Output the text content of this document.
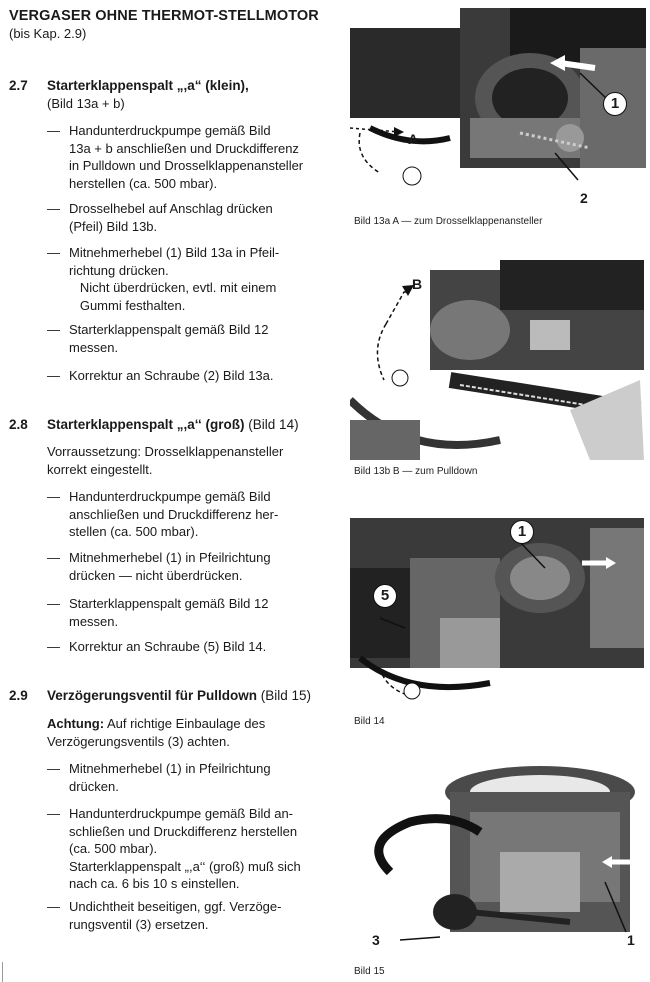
VERGASER OHNE THERMOT-STELLMOTOR
(bis Kap. 2.9)
2.7 Starterklappenspalt „,a“ (klein),
(Bild 13a + b)
— Handunterdruckpumpe gemäß Bild
13a + b anschließen und Druckdifferenz
in Pulldown und Drosselklappenansteller
herstellen (ca. 500 mbar).
— Drosselhebel auf Anschlag drücken
(Pfeil) Bild 13b.
— Mitnehmerhebel (1) Bild 13a in Pfeil-
richtung drücken.
Nicht überdrücken, evtl. mit einem
Gummi festhalten.
— Starterklappenspalt gemäß Bild 12
messen.
— Korrektur an Schraube (2) Bild 13a.
2.8 Starterklappenspalt „,a‘‘ (groß) (Bild 14)
Vorraussetzung: Drosselklappenansteller
korrekt eingestellt.
— Handunterdruckpumpe gemäß Bild
anschließen und Druckdifferenz her-
stellen (ca. 500 mbar).
— Mitnehmerhebel (1) in Pfeilrichtung
drücken — nicht überdrücken.
— Starterklappenspalt gemäß Bild 12
messen.
— Korrektur an Schraube (5) Bild 14.
2.9 Verzögerungsventil für Pulldown (Bild 15)
Achtung: Auf richtige Einbaulage des
Verzögerungsventils (3) achten.
— Mitnehmerhebel (1) in Pfeilrichtung
drücken.
— Handunterdruckpumpe gemäß Bild an-
schließen und Druckdifferenz herstellen
(ca. 500 mbar).
Starterklappenspalt „,a‘‘ (groß) muß sich
nach ca. 6 bis 10 s einstellen.
— Undichtheit beseitigen, ggf. Verzöge-
rungsventil (3) ersetzen.
1
2
A
Bild 13a A — zum Drosselklappenansteller
B
Bild 13b B — zum Pulldown
1
5
Bild 14
3	1
Bild 15
